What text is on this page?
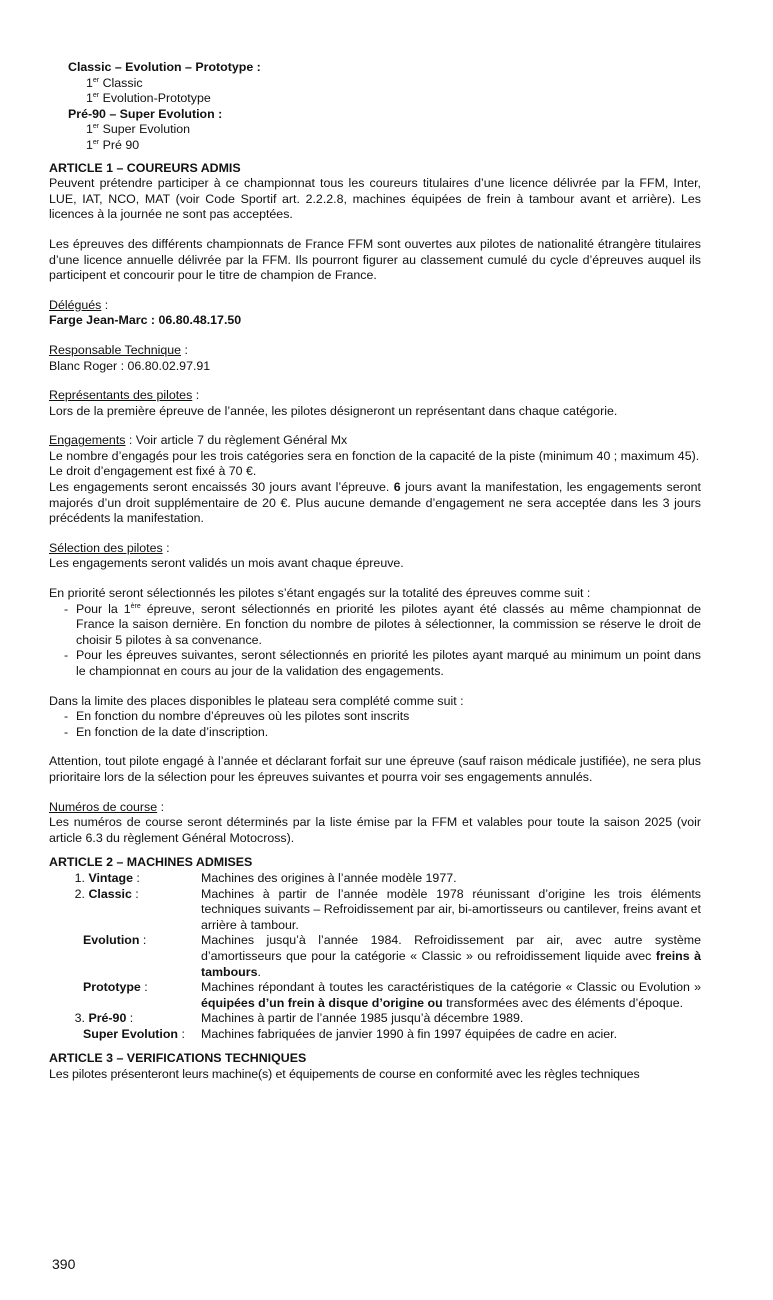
Classic – Evolution – Prototype :

1er Classic

1er Evolution-Prototype

Pré-90 – Super Evolution :

1er Super Evolution

1er Pré 90

ARTICLE 1 – COUREURS ADMIS

Peuvent prétendre participer à ce championnat tous les coureurs titulaires d’une licence délivrée par la FFM, Inter, LUE, IAT, NCO, MAT (voir Code Sportif art. 2.2.2.8, machines équipées de frein à tambour avant et arrière). Les licences à la journée ne sont pas acceptées.

Les épreuves des différents championnats de France FFM sont ouvertes aux pilotes de nationalité étrangère titulaires d’une licence annuelle délivrée par la FFM. Ils pourront figurer au classement cumulé du cycle d’épreuves auquel ils participent et concourir pour le titre de champion de France.

Délégués :

Farge Jean-Marc : 06.80.48.17.50

Responsable Technique :

Blanc Roger : 06.80.02.97.91

Représentants des pilotes :

Lors de la première épreuve de l’année, les pilotes désigneront un représentant dans chaque catégorie.

Engagements : Voir article 7 du règlement Général Mx

Le nombre d’engagés pour les trois catégories sera en fonction de la capacité de la piste (minimum 40 ; maximum 45).

Le droit d’engagement est fixé à 70 €.

Les engagements seront encaissés 30 jours avant l’épreuve. 6 jours avant la manifestation, les engagements seront majorés d’un droit supplémentaire de 20 €. Plus aucune demande d’engagement ne sera acceptée dans les 3 jours précédents la manifestation.

Sélection des pilotes :

Les engagements seront validés un mois avant chaque épreuve.

En priorité seront sélectionnés les pilotes s’étant engagés sur la totalité des épreuves comme suit :

- Pour la 1ère épreuve, seront sélectionnés en priorité les pilotes ayant été classés au même championnat de France la saison dernière. En fonction du nombre de pilotes à sélectionner, la commission se réserve le droit de choisir 5 pilotes à sa convenance.
- Pour les épreuves suivantes, seront sélectionnés en priorité les pilotes ayant marqué au minimum un point dans le championnat en cours au jour de la validation des engagements.

Dans la limite des places disponibles le plateau sera complété comme suit :

- En fonction du nombre d’épreuves où les pilotes sont inscrits
- En fonction de la date d’inscription.

Attention, tout pilote engagé à l’année et déclarant forfait sur une épreuve (sauf raison médicale justifiée), ne sera plus prioritaire lors de la sélection pour les épreuves suivantes et pourra voir ses engagements annulés.

Numéros de course :

Les numéros de course seront déterminés par la liste émise par la FFM et valables pour toute la saison 2025 (voir article 6.3 du règlement Général Motocross).

ARTICLE 2 – MACHINES ADMISES

1. Vintage :	Machines des origines à l’année modèle 1977.
2. Classic :	Machines à partir de l’année modèle 1978 réunissant d’origine les trois éléments techniques suivants – Refroidissement par air, bi-amortisseurs ou cantilever, freins avant et arrière à tambour.
Evolution :	Machines jusqu’à l’année 1984. Refroidissement par air, avec autre système d’amortisseurs que pour la catégorie « Classic » ou refroidissement liquide avec freins à tambours.
Prototype :	Machines répondant à toutes les caractéristiques de la catégorie « Classic ou Evolution » équipées d’un frein à disque d’origine ou transformées avec des éléments d’époque.
3. Pré-90 :	Machines à partir de l’année 1985 jusqu’à décembre 1989.
Super Evolution :	Machines fabriquées de janvier 1990 à fin 1997 équipées de cadre en acier.

ARTICLE 3 – VERIFICATIONS TECHNIQUES

Les pilotes présenteront leurs machine(s) et équipements de course en conformité avec les règles techniques

390
